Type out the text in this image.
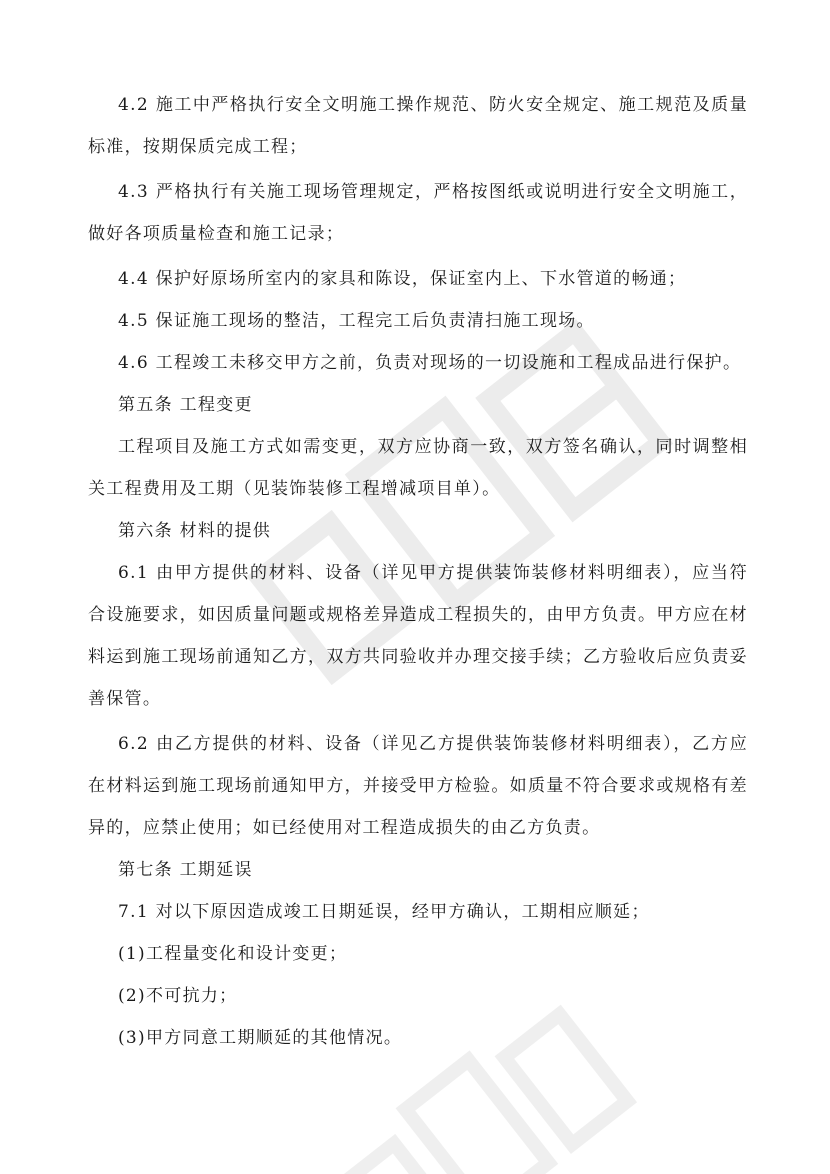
4.2 施工中严格执行安全文明施工操作规范、防火安全规定、施工规范及质量标准，按期保质完成工程；

4.3 严格执行有关施工现场管理规定，严格按图纸或说明进行安全文明施工，做好各项质量检查和施工记录；

4.4 保护好原场所室内的家具和陈设，保证室内上、下水管道的畅通；

4.5 保证施工现场的整洁，工程完工后负责清扫施工现场。

4.6 工程竣工未移交甲方之前，负责对现场的一切设施和工程成品进行保护。

第五条 工程变更

工程项目及施工方式如需变更，双方应协商一致，双方签名确认，同时调整相关工程费用及工期（见装饰装修工程增减项目单）。

第六条 材料的提供

6.1 由甲方提供的材料、设备（详见甲方提供装饰装修材料明细表），应当符合设施要求，如因质量问题或规格差异造成工程损失的，由甲方负责。甲方应在材料运到施工现场前通知乙方，双方共同验收并办理交接手续；乙方验收后应负责妥善保管。

6.2 由乙方提供的材料、设备（详见乙方提供装饰装修材料明细表），乙方应在材料运到施工现场前通知甲方，并接受甲方检验。如质量不符合要求或规格有差异的，应禁止使用；如已经使用对工程造成损失的由乙方负责。

第七条 工期延误

7.1 对以下原因造成竣工日期延误，经甲方确认，工期相应顺延；

(1)工程量变化和设计变更；

(2)不可抗力；

(3)甲方同意工期顺延的其他情况。
